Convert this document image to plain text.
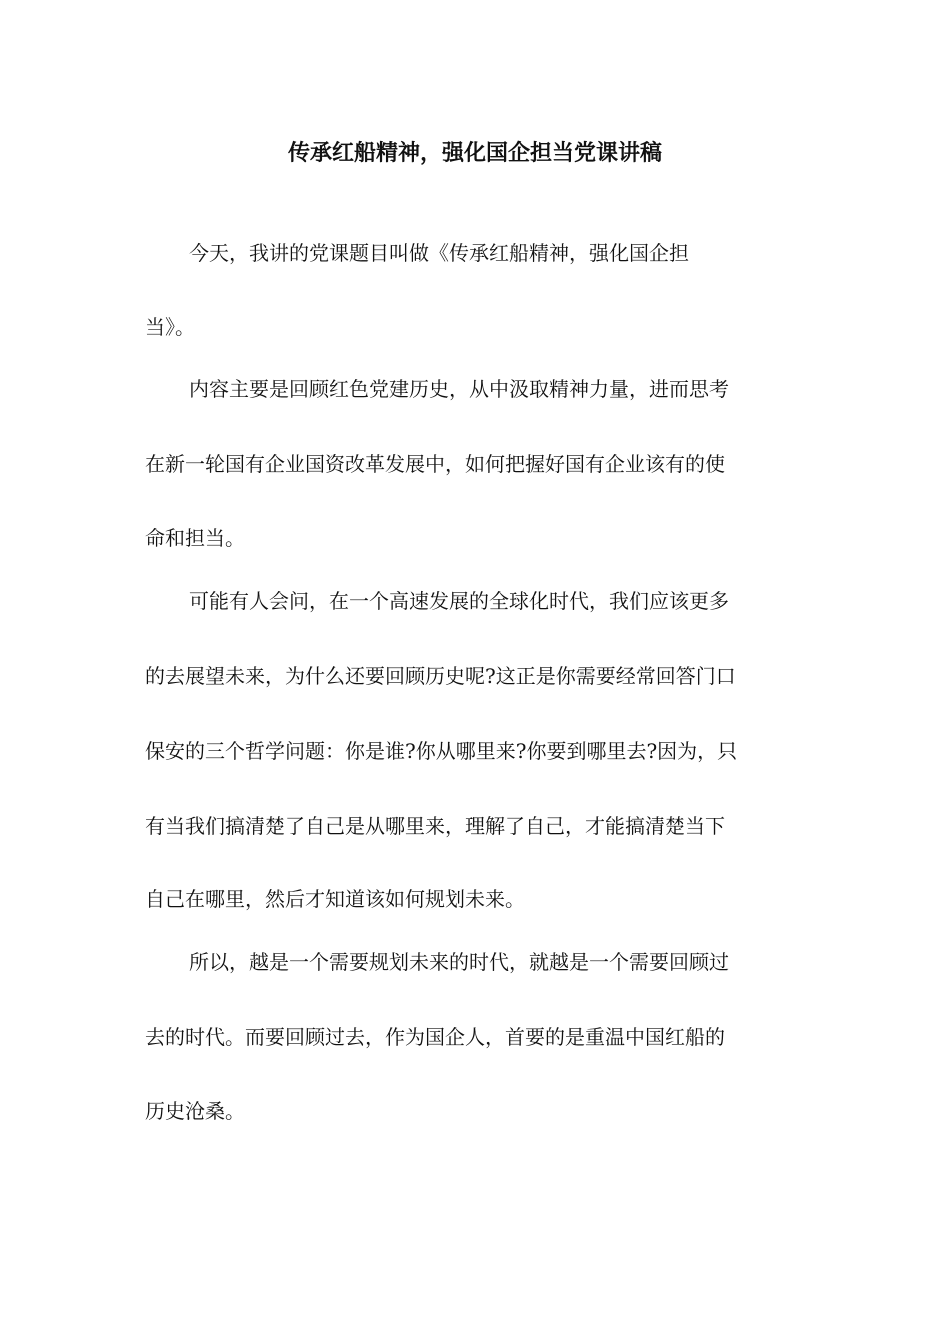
传承红船精神，强化国企担当党课讲稿

今天，我讲的党课题目叫做《传承红船精神，强化国企担

当》。

内容主要是回顾红色党建历史，从中汲取精神力量，进而思考

在新一轮国有企业国资改革发展中，如何把握好国有企业该有的使

命和担当。

可能有人会问，在一个高速发展的全球化时代，我们应该更多

的去展望未来，为什么还要回顾历史呢?这正是你需要经常回答门口

保安的三个哲学问题：你是谁?你从哪里来?你要到哪里去?因为，只

有当我们搞清楚了自己是从哪里来，理解了自己，才能搞清楚当下

自己在哪里，然后才知道该如何规划未来。

所以，越是一个需要规划未来的时代，就越是一个需要回顾过

去的时代。而要回顾过去，作为国企人，首要的是重温中国红船的

历史沧桑。
